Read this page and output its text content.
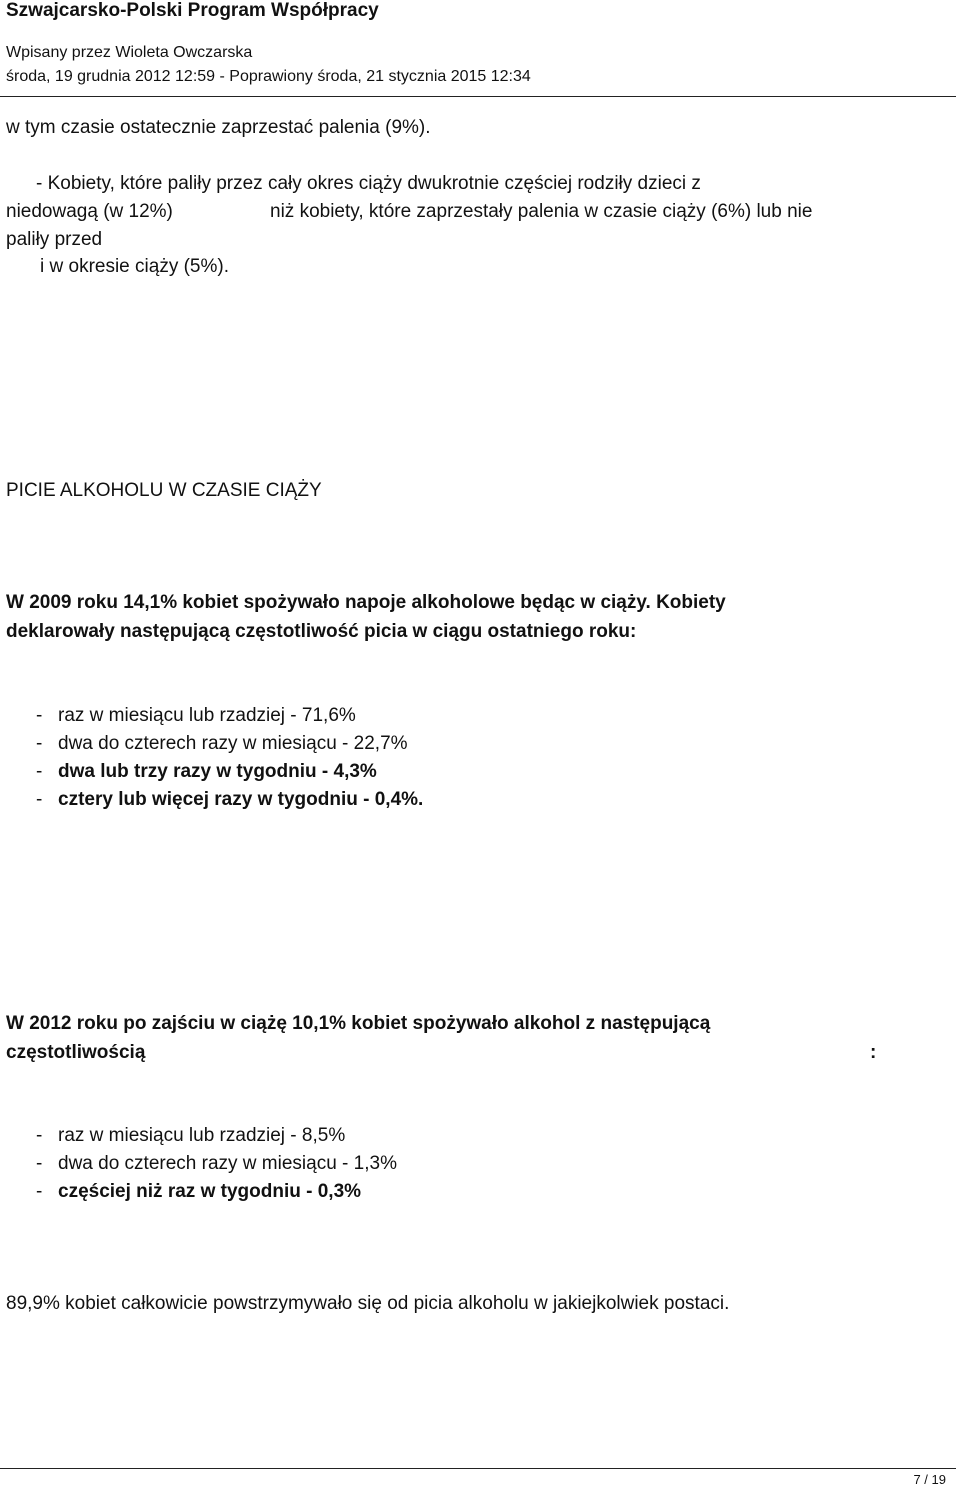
Szwajcarsko-Polski Program Współpracy
Wpisany przez Wioleta Owczarska
środa, 19 grudnia 2012 12:59 - Poprawiony środa, 21 stycznia 2015 12:34
w tym czasie ostatecznie zaprzestać palenia (9%).
- Kobiety, które paliły przez cały okres ciąży dwukrotnie częściej rodziły dzieci z
niedowagą (w 12%)	niż kobiety, które zaprzestały palenia w czasie ciąży (6%) lub nie
paliły przed
i w okresie ciąży (5%).
PICIE ALKOHOLU W CZASIE CIĄŻY
W 2009 roku 14,1% kobiet spożywało napoje alkoholowe będąc w ciąży. Kobiety
deklarowały następującą częstotliwość picia w ciągu ostatniego roku:
- raz w miesiącu lub rzadziej - 71,6%
- dwa do czterech razy w miesiącu - 22,7%
- dwa lub trzy razy w tygodniu - 4,3%
- cztery lub więcej razy w tygodniu - 0,4%.
W 2012 roku po zajściu w ciążę 10,1% kobiet spożywało alkohol z następującą
częstotliwością	:
- raz w miesiącu lub rzadziej - 8,5%
- dwa do czterech razy w miesiącu - 1,3%
- częściej niż raz w tygodniu - 0,3%
89,9% kobiet całkowicie powstrzymywało się od picia alkoholu w jakiejkolwiek postaci.
7 / 19
